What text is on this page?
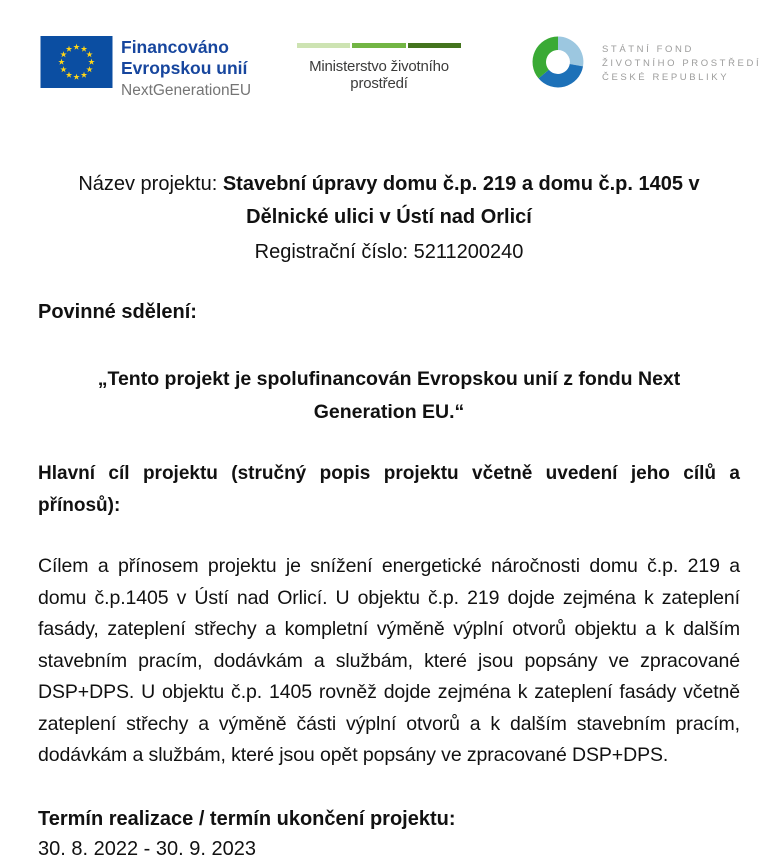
Financováno
Evropskou unií
NextGenerationEU
Ministerstvo životního prostředí
STÁTNÍ FOND
ŽIVOTNÍHO PROSTŘEDÍ
ČESKÉ REPUBLIKY
Název projektu: Stavební úpravy domu č.p. 219 a domu č.p. 1405 v Dělnické ulici v Ústí nad Orlicí
Registrační číslo: 5211200240
Povinné sdělení:
„Tento projekt je spolufinancován Evropskou unií z fondu Next Generation EU.“
Hlavní cíl projektu (stručný popis projektu včetně uvedení jeho cílů a přínosů):
Cílem a přínosem projektu je snížení energetické náročnosti domu č.p. 219 a domu č.p.1405 v Ústí nad Orlicí. U objektu č.p. 219 dojde zejména k zateplení fasády, zateplení střechy a kompletní výměně výplní otvorů objektu a k dalším stavebním pracím, dodávkám a službám, které jsou popsány ve zpracované DSP+DPS. U objektu č.p. 1405 rovněž dojde zejména k zateplení fasády včetně zateplení střechy a výměně části výplní otvorů a k dalším stavebním pracím, dodávkám a službám, které jsou opět popsány ve zpracované DSP+DPS.
Termín realizace / termín ukončení projektu:
30. 8. 2022 - 30. 9. 2023
